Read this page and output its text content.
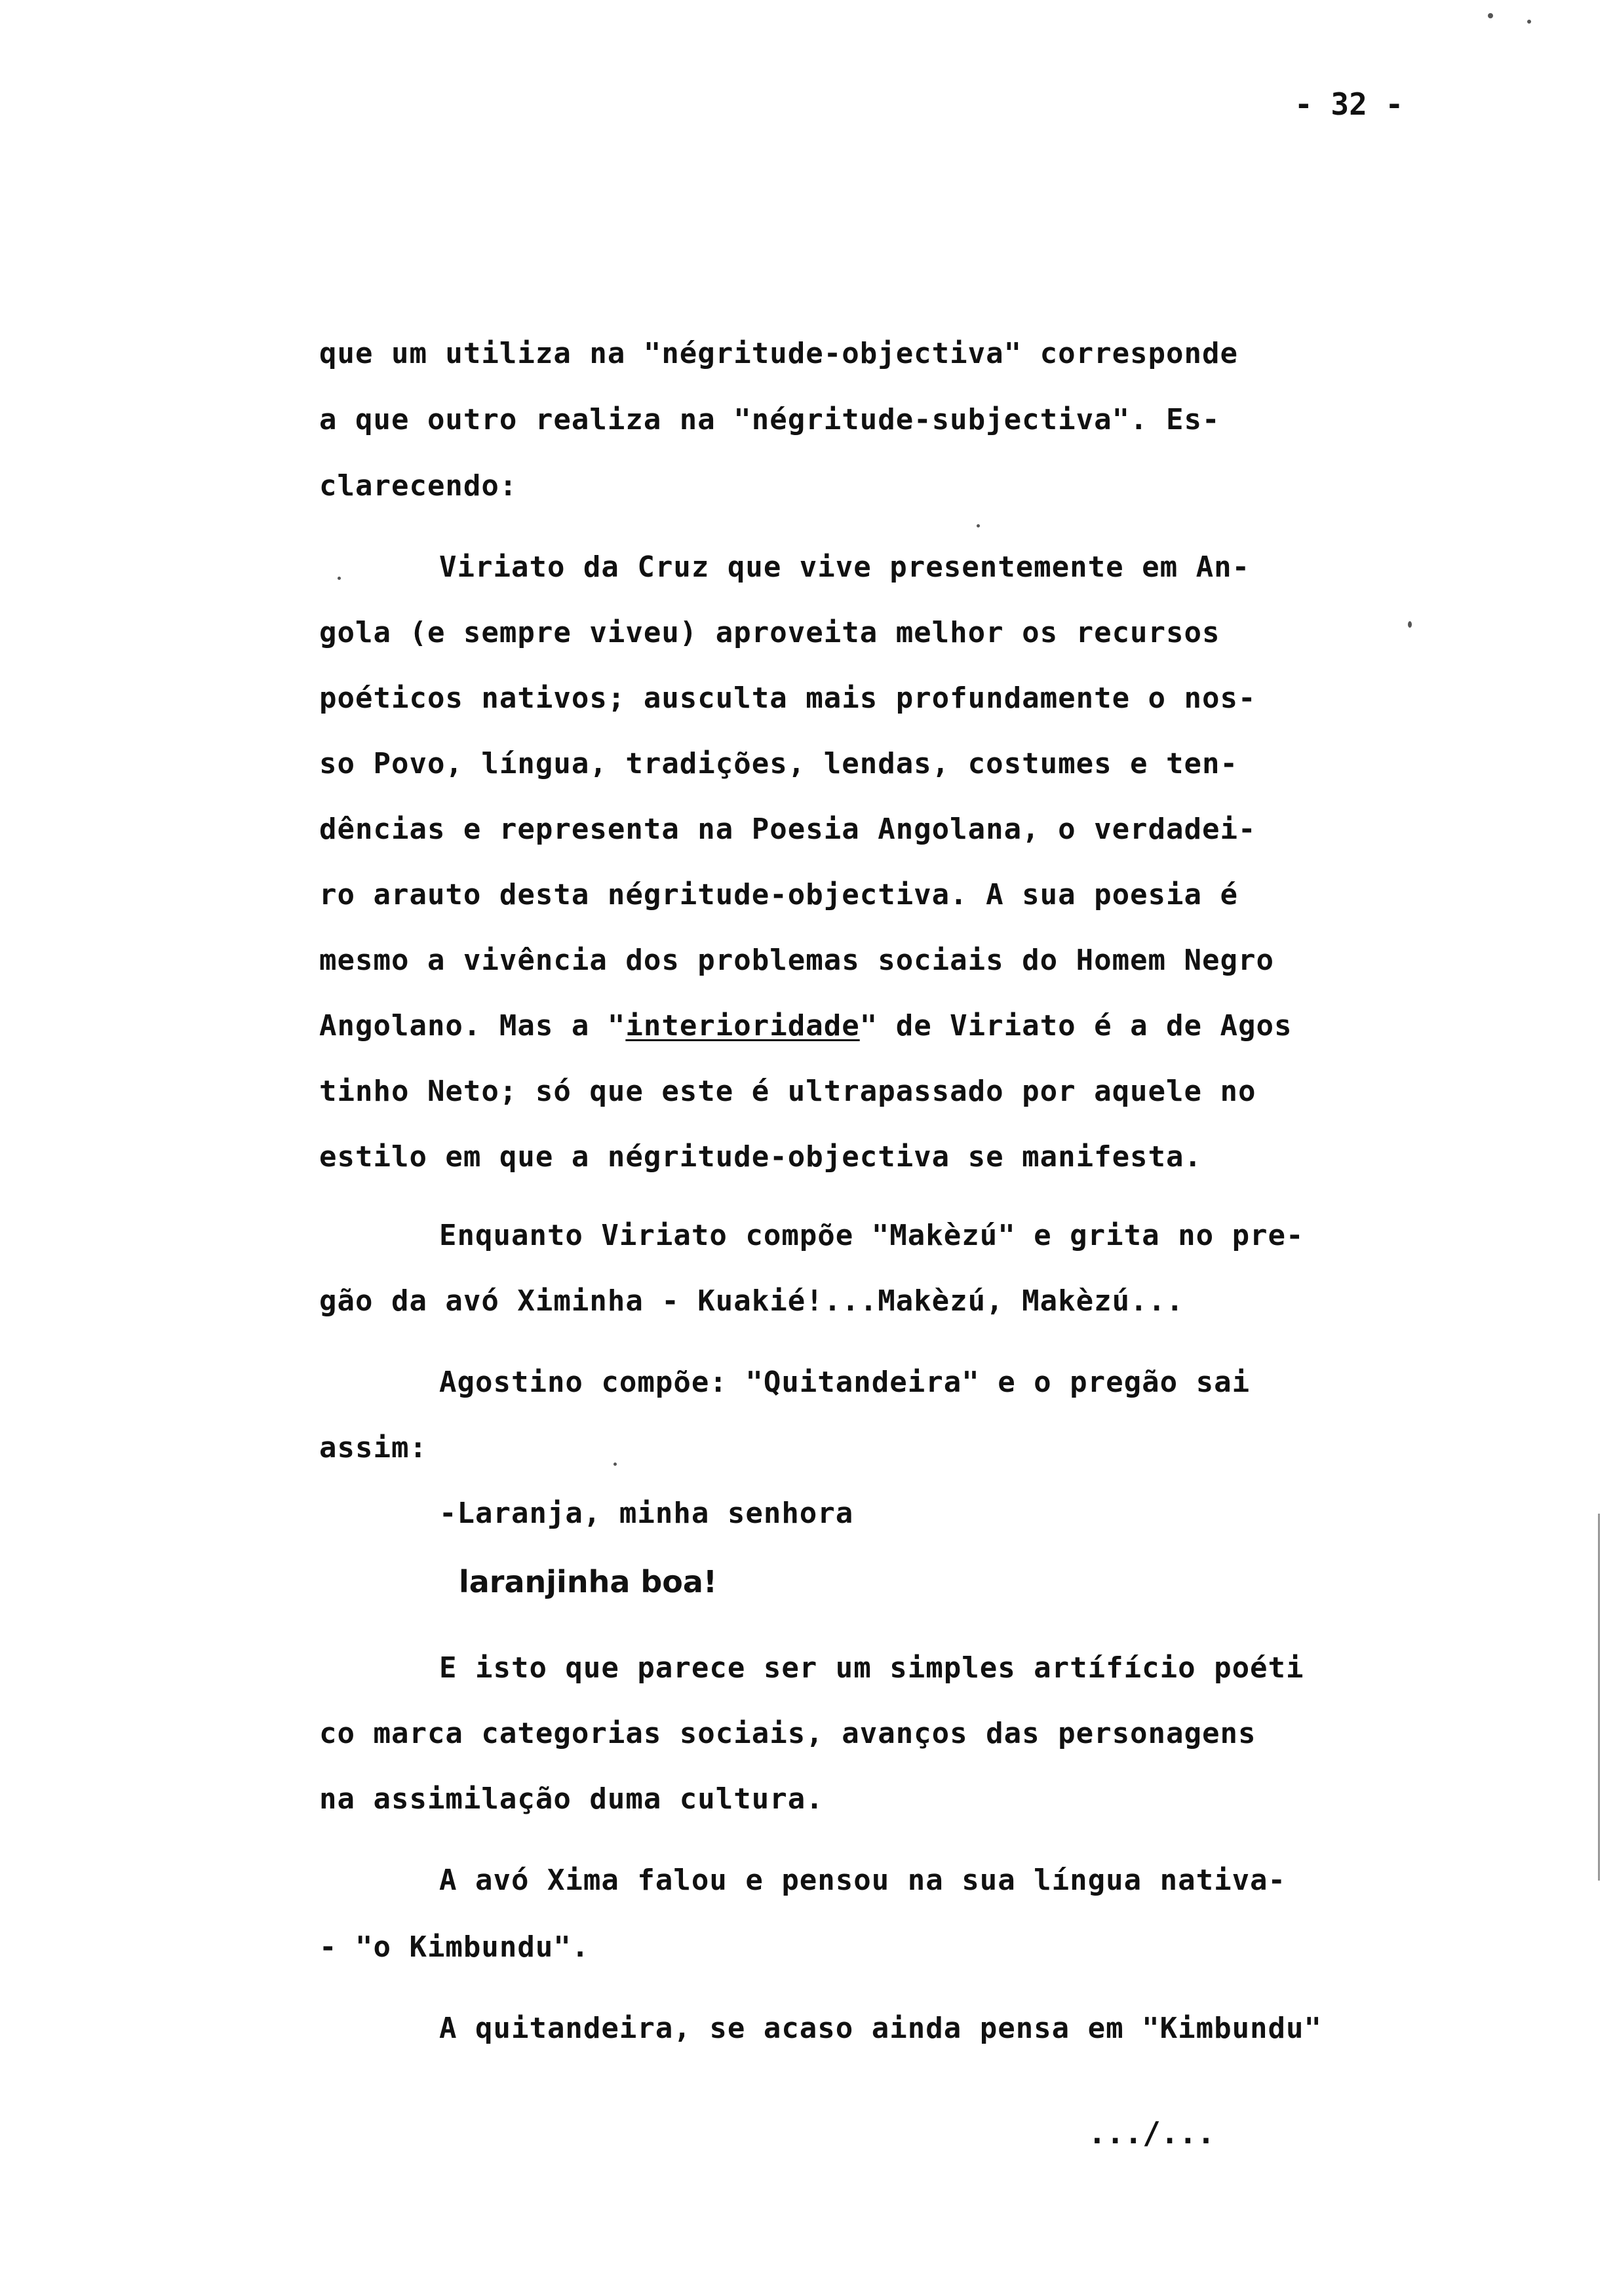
- 32 -
que um utiliza na "négritude-objectiva" corresponde
a que outro realiza na "négritude-subjectiva". Es-
clarecendo:
Viriato da Cruz que vive presentemente em An-
gola (e sempre viveu) aproveita melhor os recursos
poéticos nativos; ausculta mais profundamente o nos-
so Povo, língua, tradições, lendas, costumes e ten-
dências e representa na Poesia Angolana, o verdadei-
ro arauto desta négritude-objectiva. A sua poesia é
mesmo a vivência dos problemas sociais do Homem Negro
Angolano. Mas a "interioridade" de Viriato é a de Agos
tinho Neto; só que este é ultrapassado por aquele no
estilo em que a négritude-objectiva se manifesta.
Enquanto Viriato compõe "Makèzú" e grita no pre-
gão da avó Ximinha - Kuakié!...Makèzú, Makèzú...
Agostino compõe: "Quitandeira" e o pregão sai
assim:
-Laranja, minha senhora
laranjinha boa!
E isto que parece ser um simples artífício poéti
co marca categorias sociais, avanços das personagens
na assimilação duma cultura.
A avó Xima falou e pensou na sua língua nativa-
- "o Kimbundu".
A quitandeira, se acaso ainda pensa em "Kimbundu"
.../...
